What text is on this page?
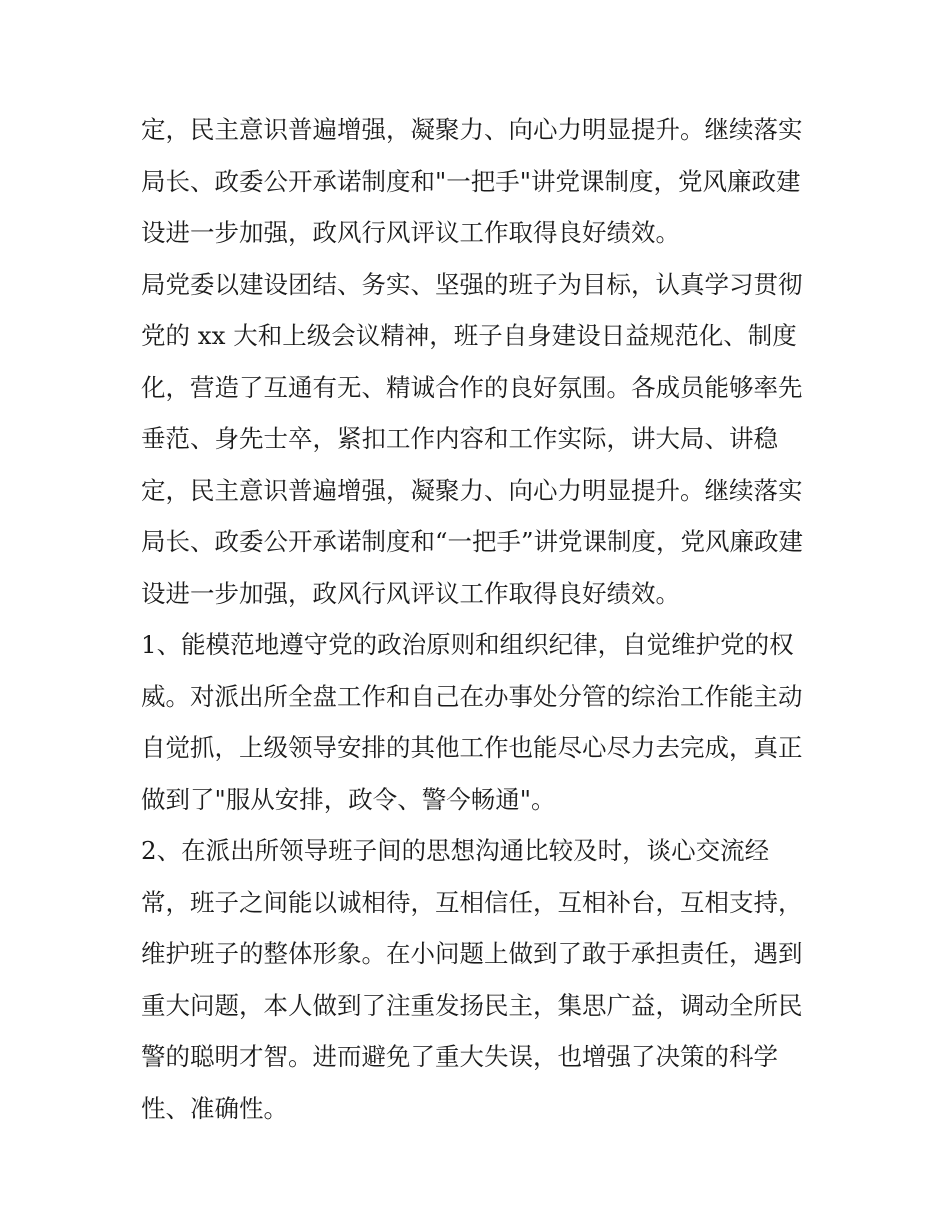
定，民主意识普遍增强，凝聚力、向心力明显提升。继续落实
局长、政委公开承诺制度和"一把手"讲党课制度，党风廉政建
设进一步加强，政风行风评议工作取得良好绩效。
局党委以建设团结、务实、坚强的班子为目标，认真学习贯彻
党的 xx 大和上级会议精神，班子自身建设日益规范化、制度
化，营造了互通有无、精诚合作的良好氛围。各成员能够率先
垂范、身先士卒，紧扣工作内容和工作实际，讲大局、讲稳
定，民主意识普遍增强，凝聚力、向心力明显提升。继续落实
局长、政委公开承诺制度和“一把手”讲党课制度，党风廉政建
设进一步加强，政风行风评议工作取得良好绩效。
1、能模范地遵守党的政治原则和组织纪律，自觉维护党的权
威。对派出所全盘工作和自己在办事处分管的综治工作能主动
自觉抓，上级领导安排的其他工作也能尽心尽力去完成，真正
做到了"服从安排，政令、警今畅通"。
2、在派出所领导班子间的思想沟通比较及时，谈心交流经
常，班子之间能以诚相待，互相信任，互相补台，互相支持，
维护班子的整体形象。在小问题上做到了敢于承担责任，遇到
重大问题，本人做到了注重发扬民主，集思广益，调动全所民
警的聪明才智。进而避免了重大失误，也增强了决策的科学
性、准确性。
